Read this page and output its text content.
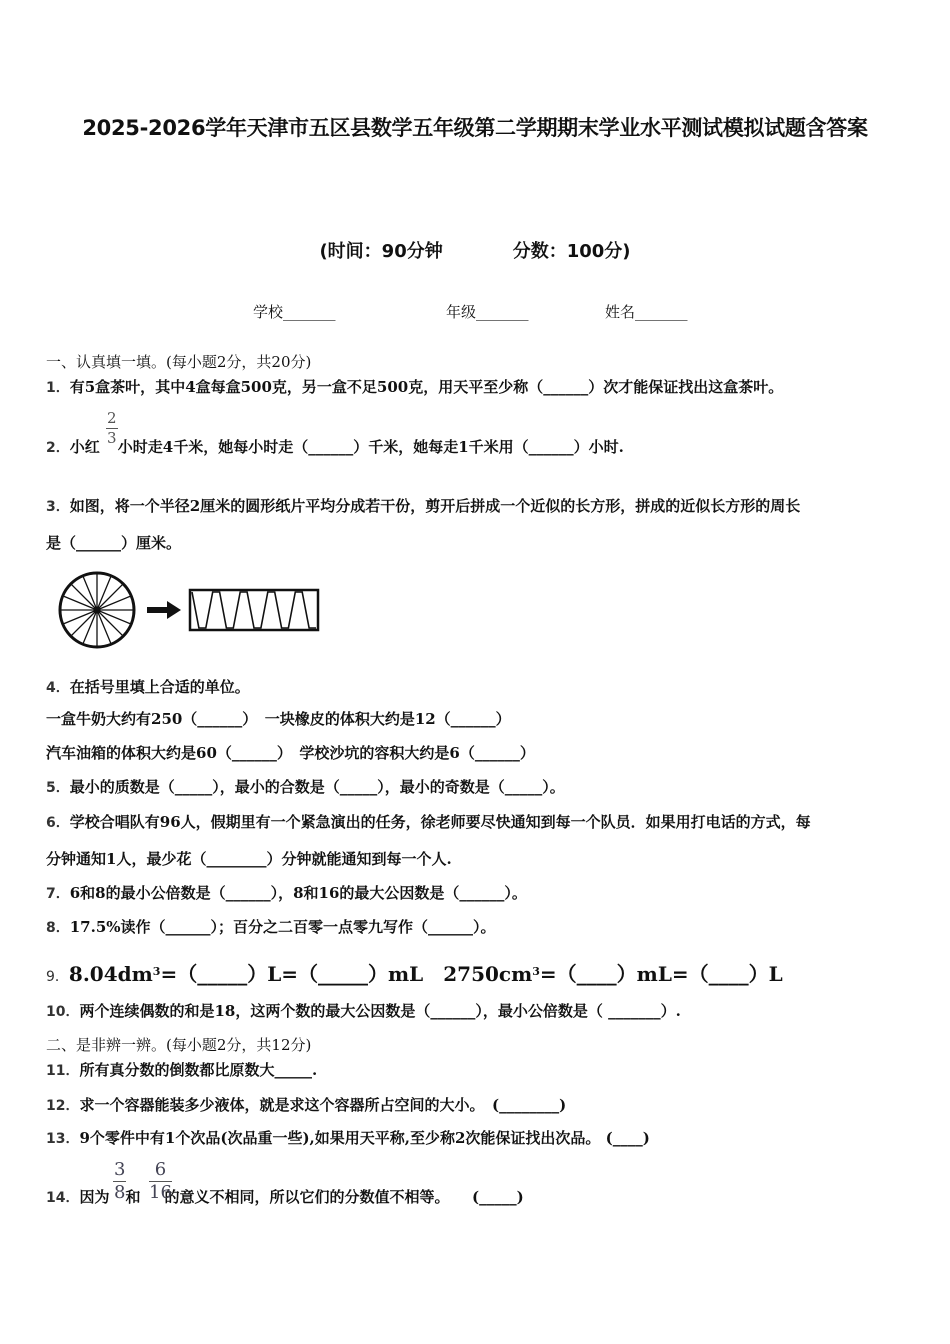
2025-2026学年天津市五区县数学五年级第二学期期末学业水平测试模拟试题含答案
(时间：90分钟	分数：100分)
学校_______	年级_______	姓名_______
一、认真填一填。(每小题2分，共20分)
1．有5盒茶叶，其中4盒每盒500克，另一盒不足500克，用天平至少称（______）次才能保证找出这盒茶叶。
2．小红 小时走4千米，她每小时走（______）千米，她每走1千米用（______）小时.
$\frac{2}{3}$
3．如图，将一个半径2厘米的圆形纸片平均分成若干份，剪开后拼成一个近似的长方形，拼成的近似长方形的周长
是（______）厘米。
4．在括号里填上合适的单位。
一盒牛奶大约有250（______）　一块橡皮的体积大约是12（______）
汽车油箱的体积大约是60（______）　学校沙坑的容积大约是6（______）
5．最小的质数是（_____），最小的合数是（_____），最小的奇数是（_____）。
6．学校合唱队有96人，假期里有一个紧急演出的任务，徐老师要尽快通知到每一个队员．如果用打电话的方式，每
分钟通知1人，最少花（________）分钟就能通知到每一个人.
7．6和8的最小公倍数是（______），8和16的最大公因数是（______）。
8．17.5%读作（______）；百分之二百零一点零九写作（______）。
9．$8.04dm^3=(\_\_\_\_\_)L=(\_\_\_\_\_)mL$　$2750cm^3=(\_\_\_\_)mL=(\_\_\_\_)L$
10．两个连续偶数的和是18，这两个数的最大公因数是（______），最小公倍数是（ _______）.
二、是非辨一辨。(每小题2分，共12分)
11．所有真分数的倒数都比原数大_____.
12．求一个容器能装多少液体，就是求这个容器所占空间的大小。　(________)
13．9个零件中有1个次品(次品重一些),如果用天平称,至少称2次能保证找出次品。 (____)
14．因为 和 的意义不相同，所以它们的分数值不相等。　　(_____)
$\frac{3}{8} \frac{6}{16}$
